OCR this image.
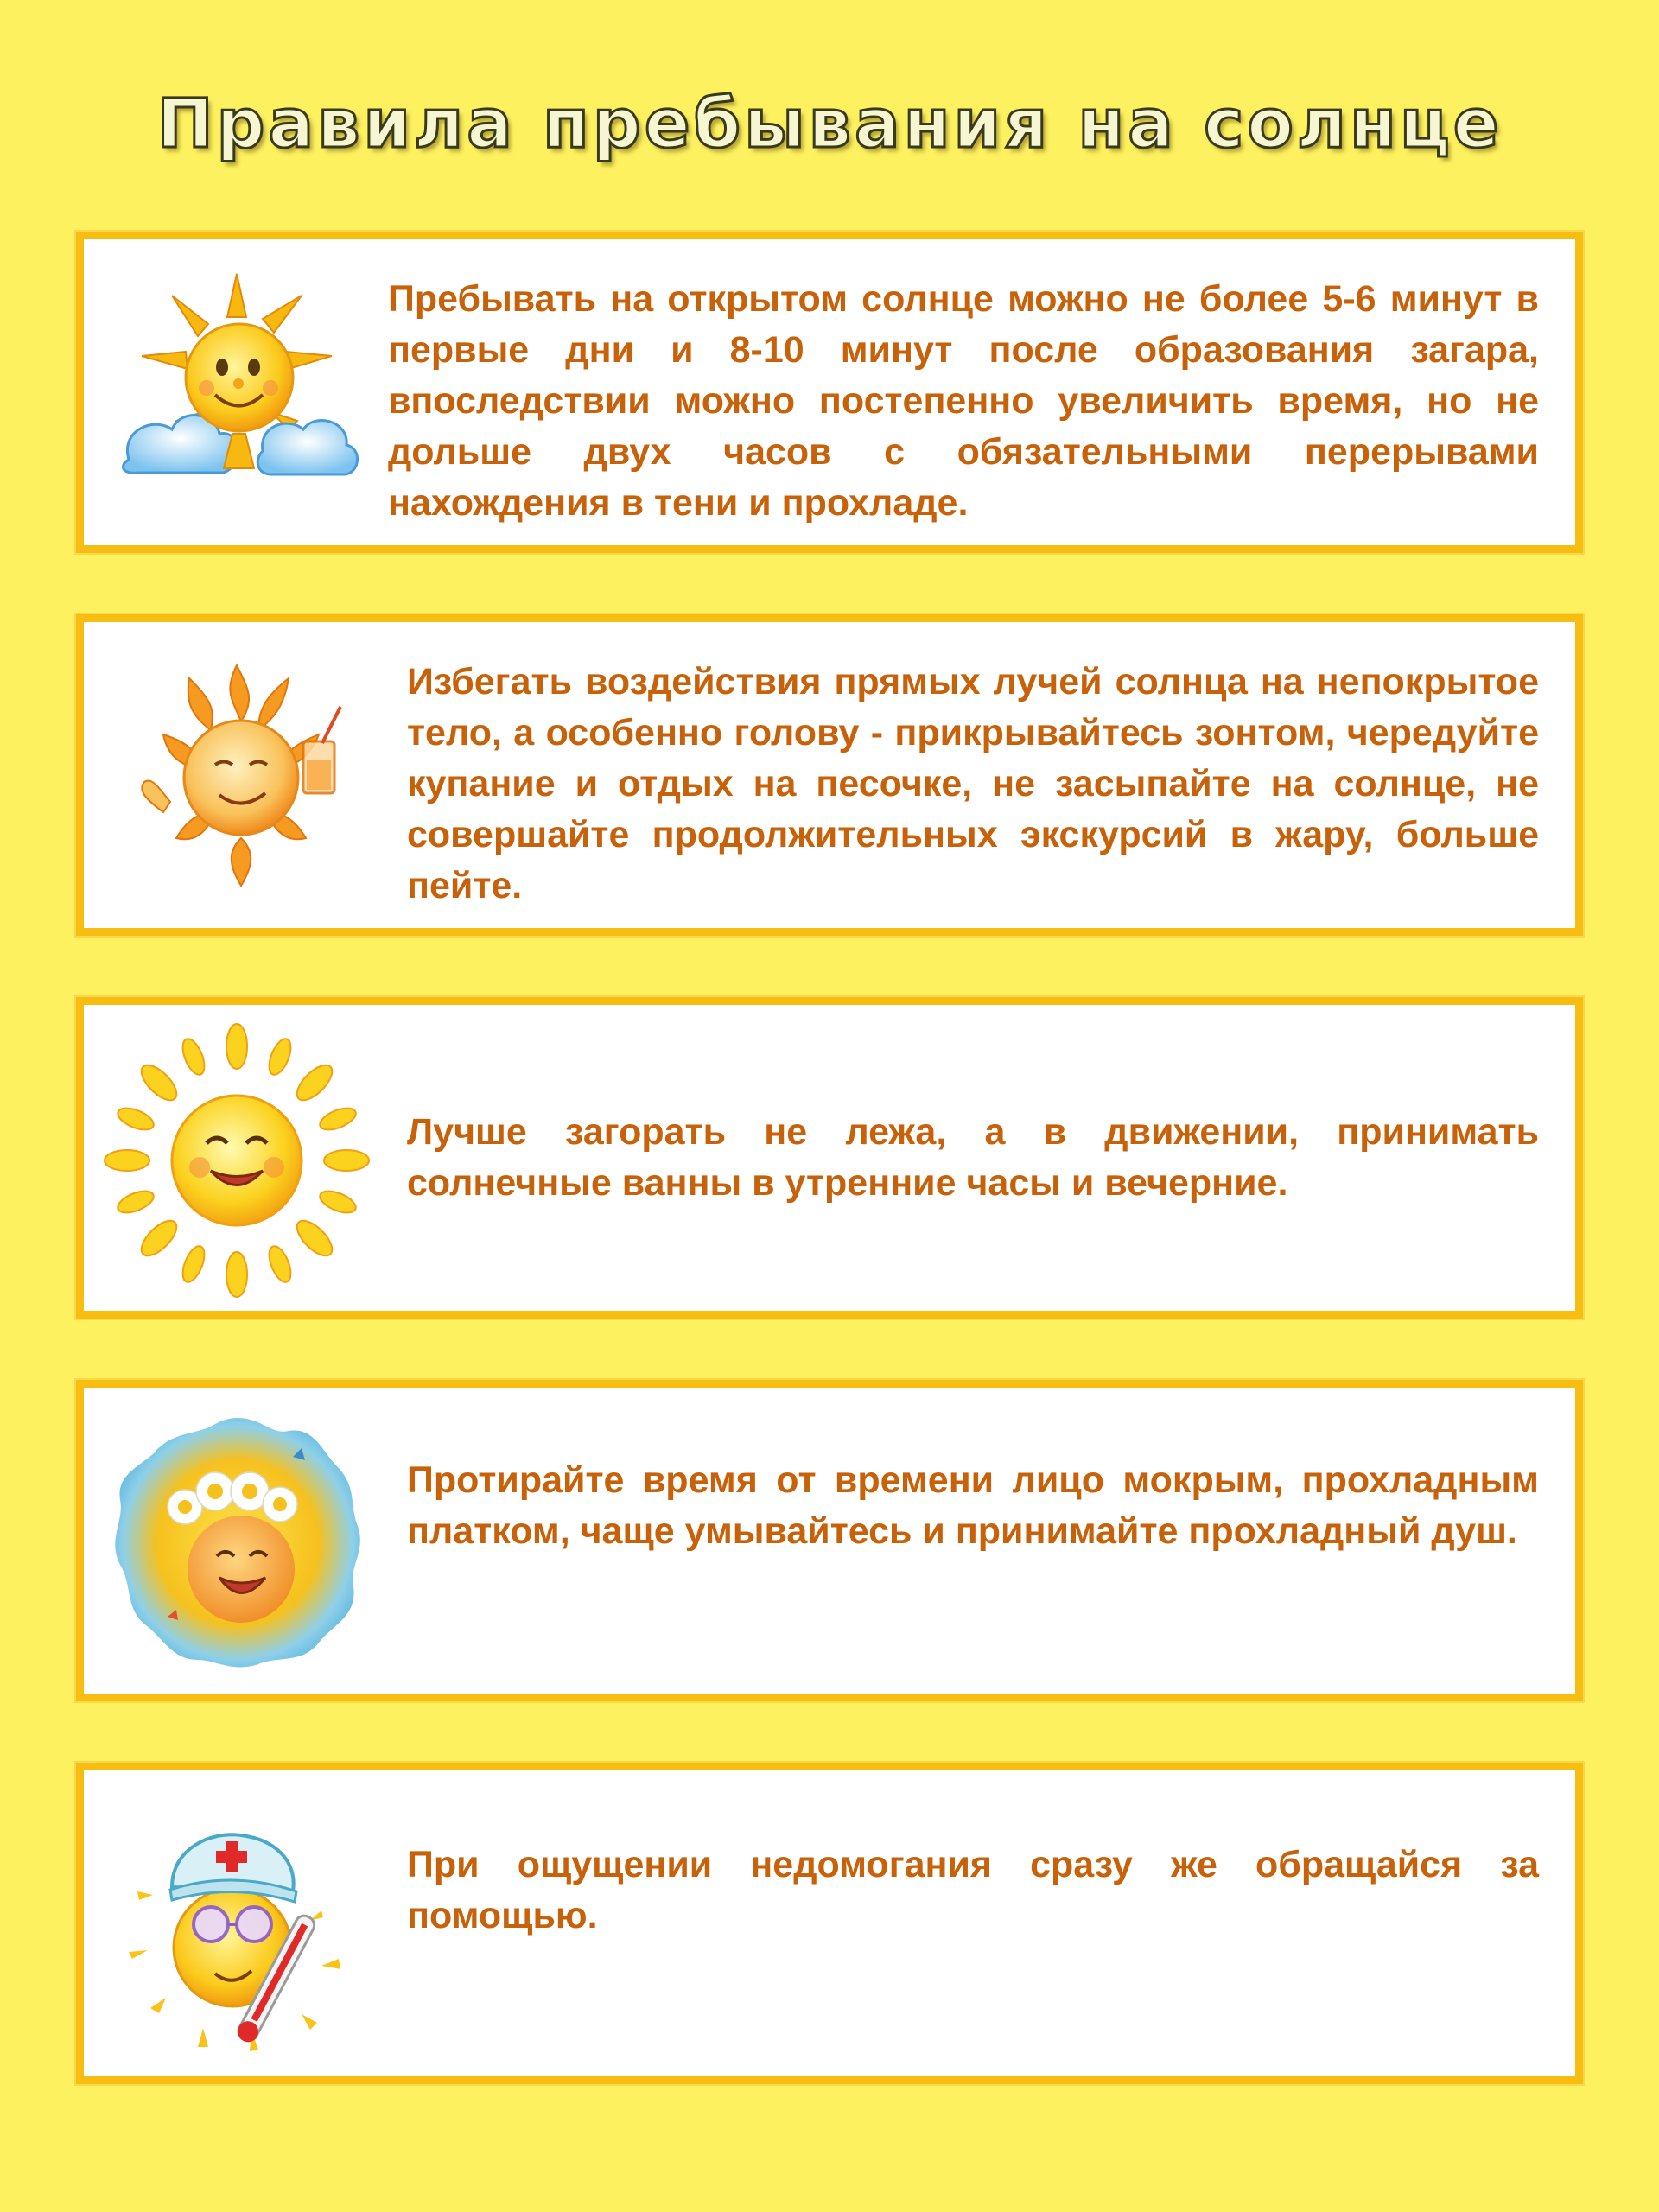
Правила пребывания на солнце

Пребывать на открытом солнце можно не более 5-6 минут в первые дни и 8-10 минут после образования загара, впоследствии можно постепенно увеличить время, но не дольше двух часов с обязательными перерывами нахождения в тени и прохладе.

Избегать воздействия прямых лучей солнца на непокрытое тело, а особенно голову - прикрывайтесь зонтом, чередуйте купание и отдых на песочке, не засыпайте на солнце, не совершайте продолжительных экскурсий в жару, больше пейте.

Лучше загорать не лежа, а в движении, принимать солнечные ванны в утренние часы и вечерние.

Протирайте время от времени лицо мокрым, прохладным платком, чаще умывайтесь и принимайте прохладный душ.

При ощущении недомогания сразу же обращайся за помощью.
